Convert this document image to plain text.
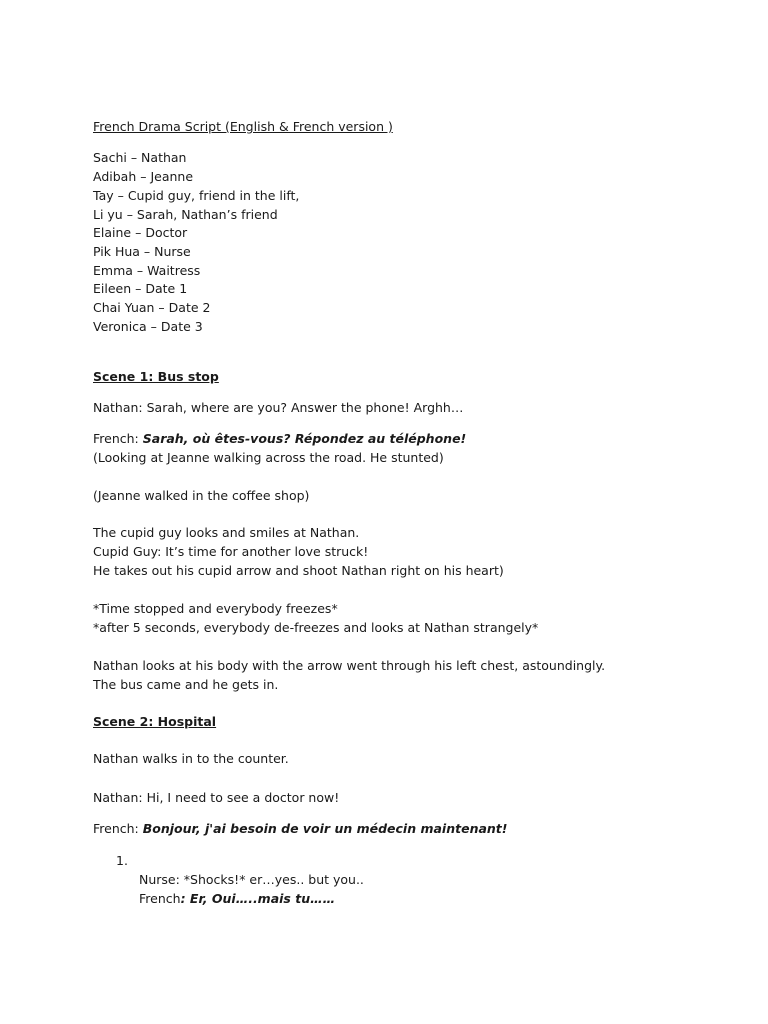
French Drama Script (English & French version )
Sachi – Nathan
Adibah – Jeanne
Tay – Cupid guy, friend in the lift,
Li yu – Sarah, Nathan’s friend
Elaine – Doctor
Pik Hua – Nurse
Emma – Waitress
Eileen – Date 1
Chai Yuan – Date 2
Veronica – Date 3
Scene 1: Bus stop
Nathan: Sarah, where are you? Answer the phone! Arghh…
French: Sarah, où êtes-vous? Répondez au téléphone!
(Looking at Jeanne walking across the road. He stunted)
(Jeanne walked in the coffee shop)
The cupid guy looks and smiles at Nathan.
Cupid Guy: It’s time for another love struck!
He takes out his cupid arrow and shoot Nathan right on his heart)
*Time stopped and everybody freezes*
*after 5 seconds, everybody de-freezes and looks at Nathan strangely*
Nathan looks at his body with the arrow went through his left chest, astoundingly.
The bus came and he gets in.
Scene 2: Hospital
Nathan walks in to the counter.
Nathan: Hi, I need to see a doctor now!
French: Bonjour, j'ai besoin de voir un médecin maintenant!
1.
Nurse: *Shocks!* er…yes.. but you..
French: Er, Oui…..mais tu……
